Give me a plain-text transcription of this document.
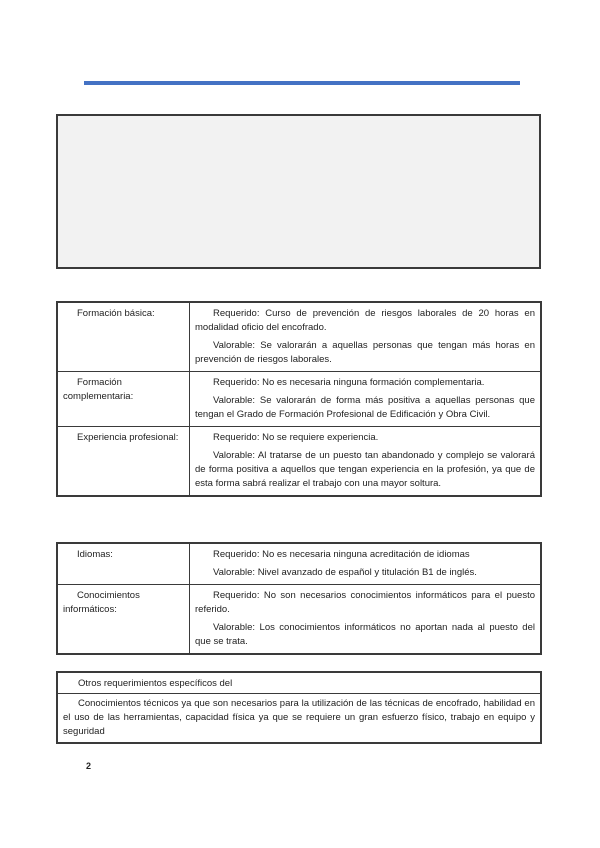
Formación básica:	Requerido: Curso de prevención de riesgos laborales de 20 horas en modalidad oficio del encofrado.

Valorable: Se valorarán a aquellas personas que tengan más horas en prevención de riesgos laborales.

Formación complementaria:	Requerido: No es necesaria ninguna formación complementaria.

Valorable: Se valorarán de forma más positiva a aquellas personas que tengan el Grado de Formación Profesional de Edificación y Obra Civil.

Experiencia profesional:	Requerido: No se requiere experiencia.

Valorable: Al tratarse de un puesto tan abandonado y complejo se valorará de forma positiva a aquellos que tengan experiencia en la profesión, ya que de esta forma sabrá realizar el trabajo con una mayor soltura.

Idiomas:	Requerido: No es necesaria ninguna acreditación de idiomas

Valorable: Nivel avanzado de español y titulación B1 de inglés.

Conocimientos informáticos:	Requerido: No son necesarios conocimientos informáticos para el puesto referido.

Valorable: Los conocimientos informáticos no aportan nada al puesto del que se trata.

Otros requerimientos específicos del
Conocimientos técnicos ya que son necesarios para la utilización de las técnicas de encofrado, habilidad en el uso de las herramientas, capacidad física ya que se requiere un gran esfuerzo físico, trabajo en equipo y seguridad
2
